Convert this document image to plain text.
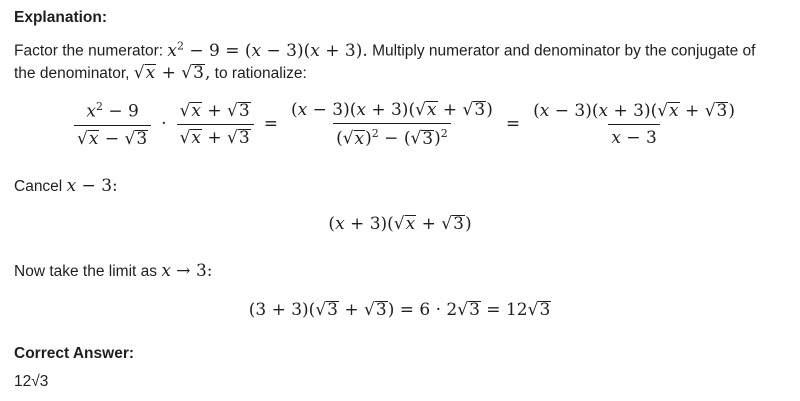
Explanation:
Factor the numerator: $x^2 - 9 = (x - 3)(x + 3)$. Multiply numerator and denominator by the conjugate of
the denominator, √x + √3, to rationalize:
$\frac{x^2 - 9}{√x - √3} \cdot \frac{√x + √3}{√x + √3} = \frac{(x - 3)(x + 3)(√x + √3)}{(√x)^2 - (√3)^2} = \frac{(x - 3)(x + 3)(√x + √3)}{x - 3}$
Cancel x − 3:
(x + 3)(√x + √3)
Now take the limit as x → 3:
(3 + 3)(√3 + √3) = 6 · 2√3 = 12√3
Correct Answer:
12√3
